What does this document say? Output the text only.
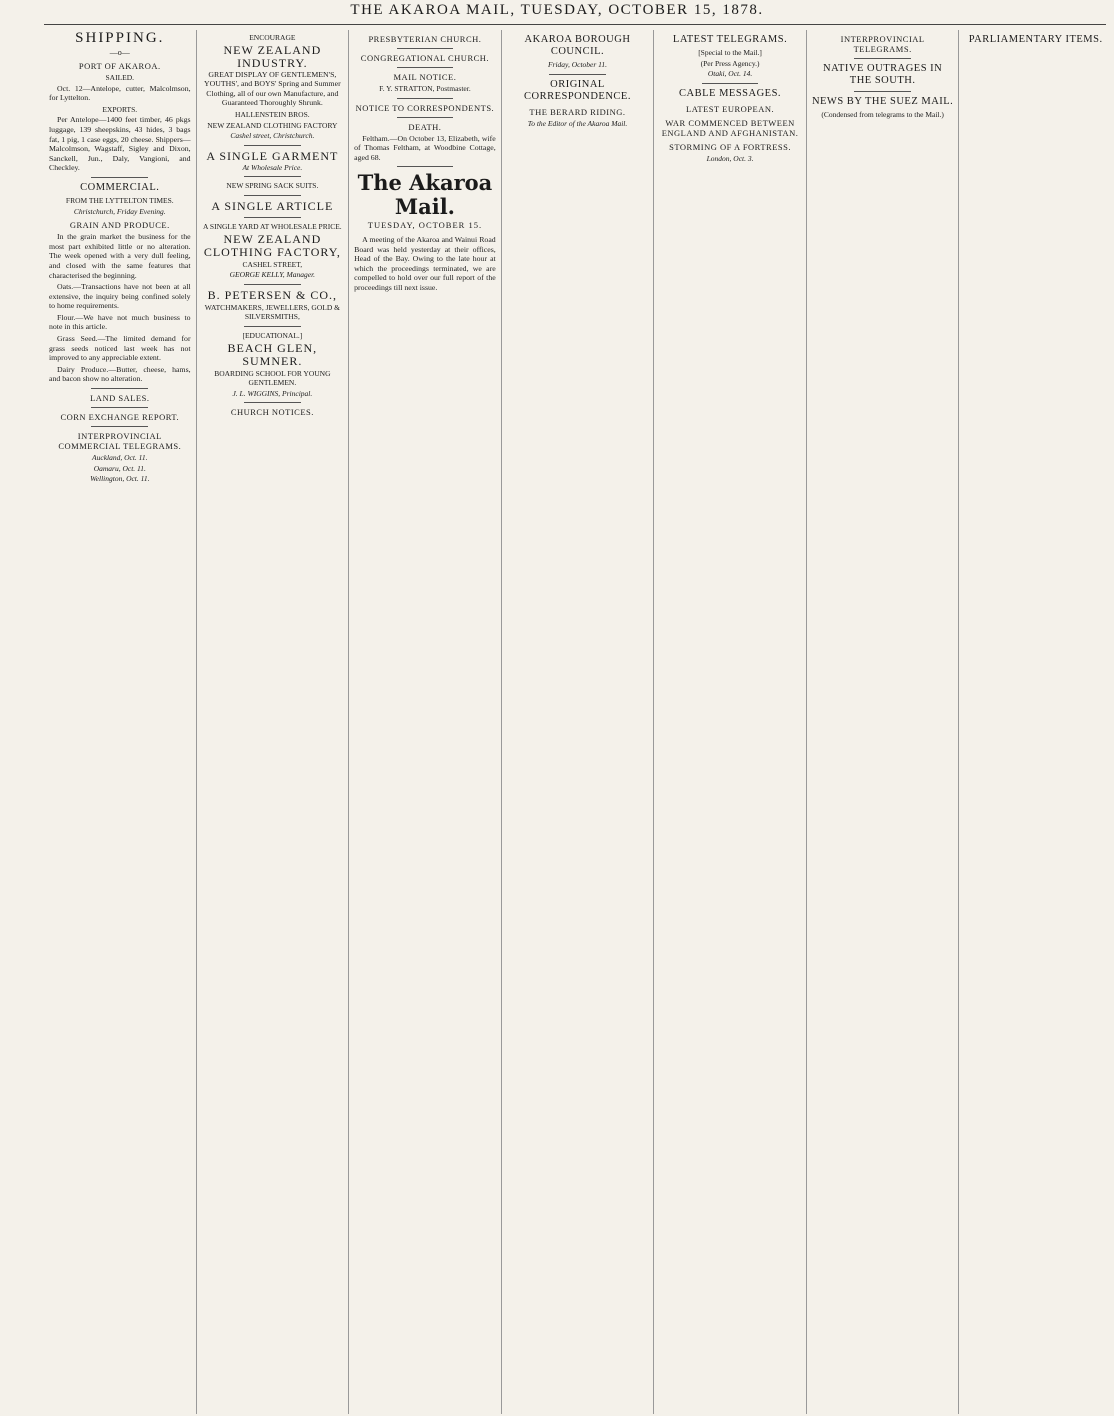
THE AKAROA MAIL, TUESDAY, OCTOBER 15, 1878.
SHIPPING.
—o—
PORT OF AKAROA.
SAILED.

Oct. 12—Antelope, cutter, Malcolmson, for Lyttelton.

EXPORTS.

Per Antelope—1400 feet timber, 46 pkgs luggage, 139 sheepskins, 43 hides, 3 bags fat, 1 pig, 1 case eggs, 20 cheese. Shippers—Malcolmson, Wagstaff, Sigley and Dixon, Sanckell, Jun., Daly, Vangioni, and Checkley.

COMMERCIAL.
FROM THE LYTTELTON TIMES.
Christchurch, Friday Evening.
GRAIN AND PRODUCE.

In the grain market the business for the most part exhibited little or no alteration. The week opened with a very dull feeling, and closed with the same features that characterised the beginning.

Oats.—Transactions have not been at all extensive, the inquiry being confined solely to home requirements.

Flour.—We have not much business to note in this article.

Grass Seed.—The limited demand for grass seeds noticed last week has not improved to any appreciable extent.

Dairy Produce.—Butter, cheese, hams, and bacon show no alteration.

LAND SALES.
CORN EXCHANGE REPORT.
INTERPROVINCIAL COMMERCIAL TELEGRAMS.
Auckland, Oct. 11.
Oamaru, Oct. 11.
Wellington, Oct. 11.
ENCOURAGE
NEW ZEALAND INDUSTRY.

GREAT DISPLAY OF GENTLEMEN'S, YOUTHS', and BOYS' Spring and Summer Clothing, all of our own Manufacture, and Guaranteed Thoroughly Shrunk.

HALLENSTEIN BROS.
NEW ZEALAND CLOTHING FACTORY
Cashel street, Christchurch.
A SINGLE GARMENT
At Wholesale Price.
NEW SPRING SACK SUITS.
A SINGLE ARTICLE
A SINGLE YARD AT WHOLESALE PRICE.
NEW ZEALAND CLOTHING FACTORY,
CASHEL STREET,
GEORGE KELLY, Manager.
B. PETERSEN & CO.,
WATCHMAKERS, JEWELLERS, GOLD & SILVERSMITHS,
[EDUCATIONAL.]
BEACH GLEN, SUMNER.
BOARDING SCHOOL FOR YOUNG GENTLEMEN.
J. L. WIGGINS, Principal.
CHURCH NOTICES.
PRESBYTERIAN CHURCH.
CONGREGATIONAL CHURCH.
MAIL NOTICE.
F. Y. STRATTON, Postmaster.
NOTICE TO CORRESPONDENTS.
DEATH.

Feltham.—On October 13, Elizabeth, wife of Thomas Feltham, at Woodbine Cottage, aged 68.

The Akaroa Mail.
TUESDAY, OCTOBER 15.

A meeting of the Akaroa and Wainui Road Board was held yesterday at their offices, Head of the Bay. Owing to the late hour at which the proceedings terminated, we are compelled to hold over our full report of the proceedings till next issue.

AKAROA BOROUGH COUNCIL.
Friday, October 11.
ORIGINAL CORRESPONDENCE.
THE BERARD RIDING.
To the Editor of the Akaroa Mail.
LATEST TELEGRAMS.
[Special to the Mail.]
(Per Press Agency.)
Otaki, Oct. 14.
CABLE MESSAGES.
LATEST EUROPEAN.
WAR COMMENCED BETWEEN ENGLAND AND AFGHANISTAN.
STORMING OF A FORTRESS.
London, Oct. 3.
INTERPROVINCIAL TELEGRAMS.
NATIVE OUTRAGES IN THE SOUTH.
NEWS BY THE SUEZ MAIL.
(Condensed from telegrams to the Mail.)
PARLIAMENTARY ITEMS.
